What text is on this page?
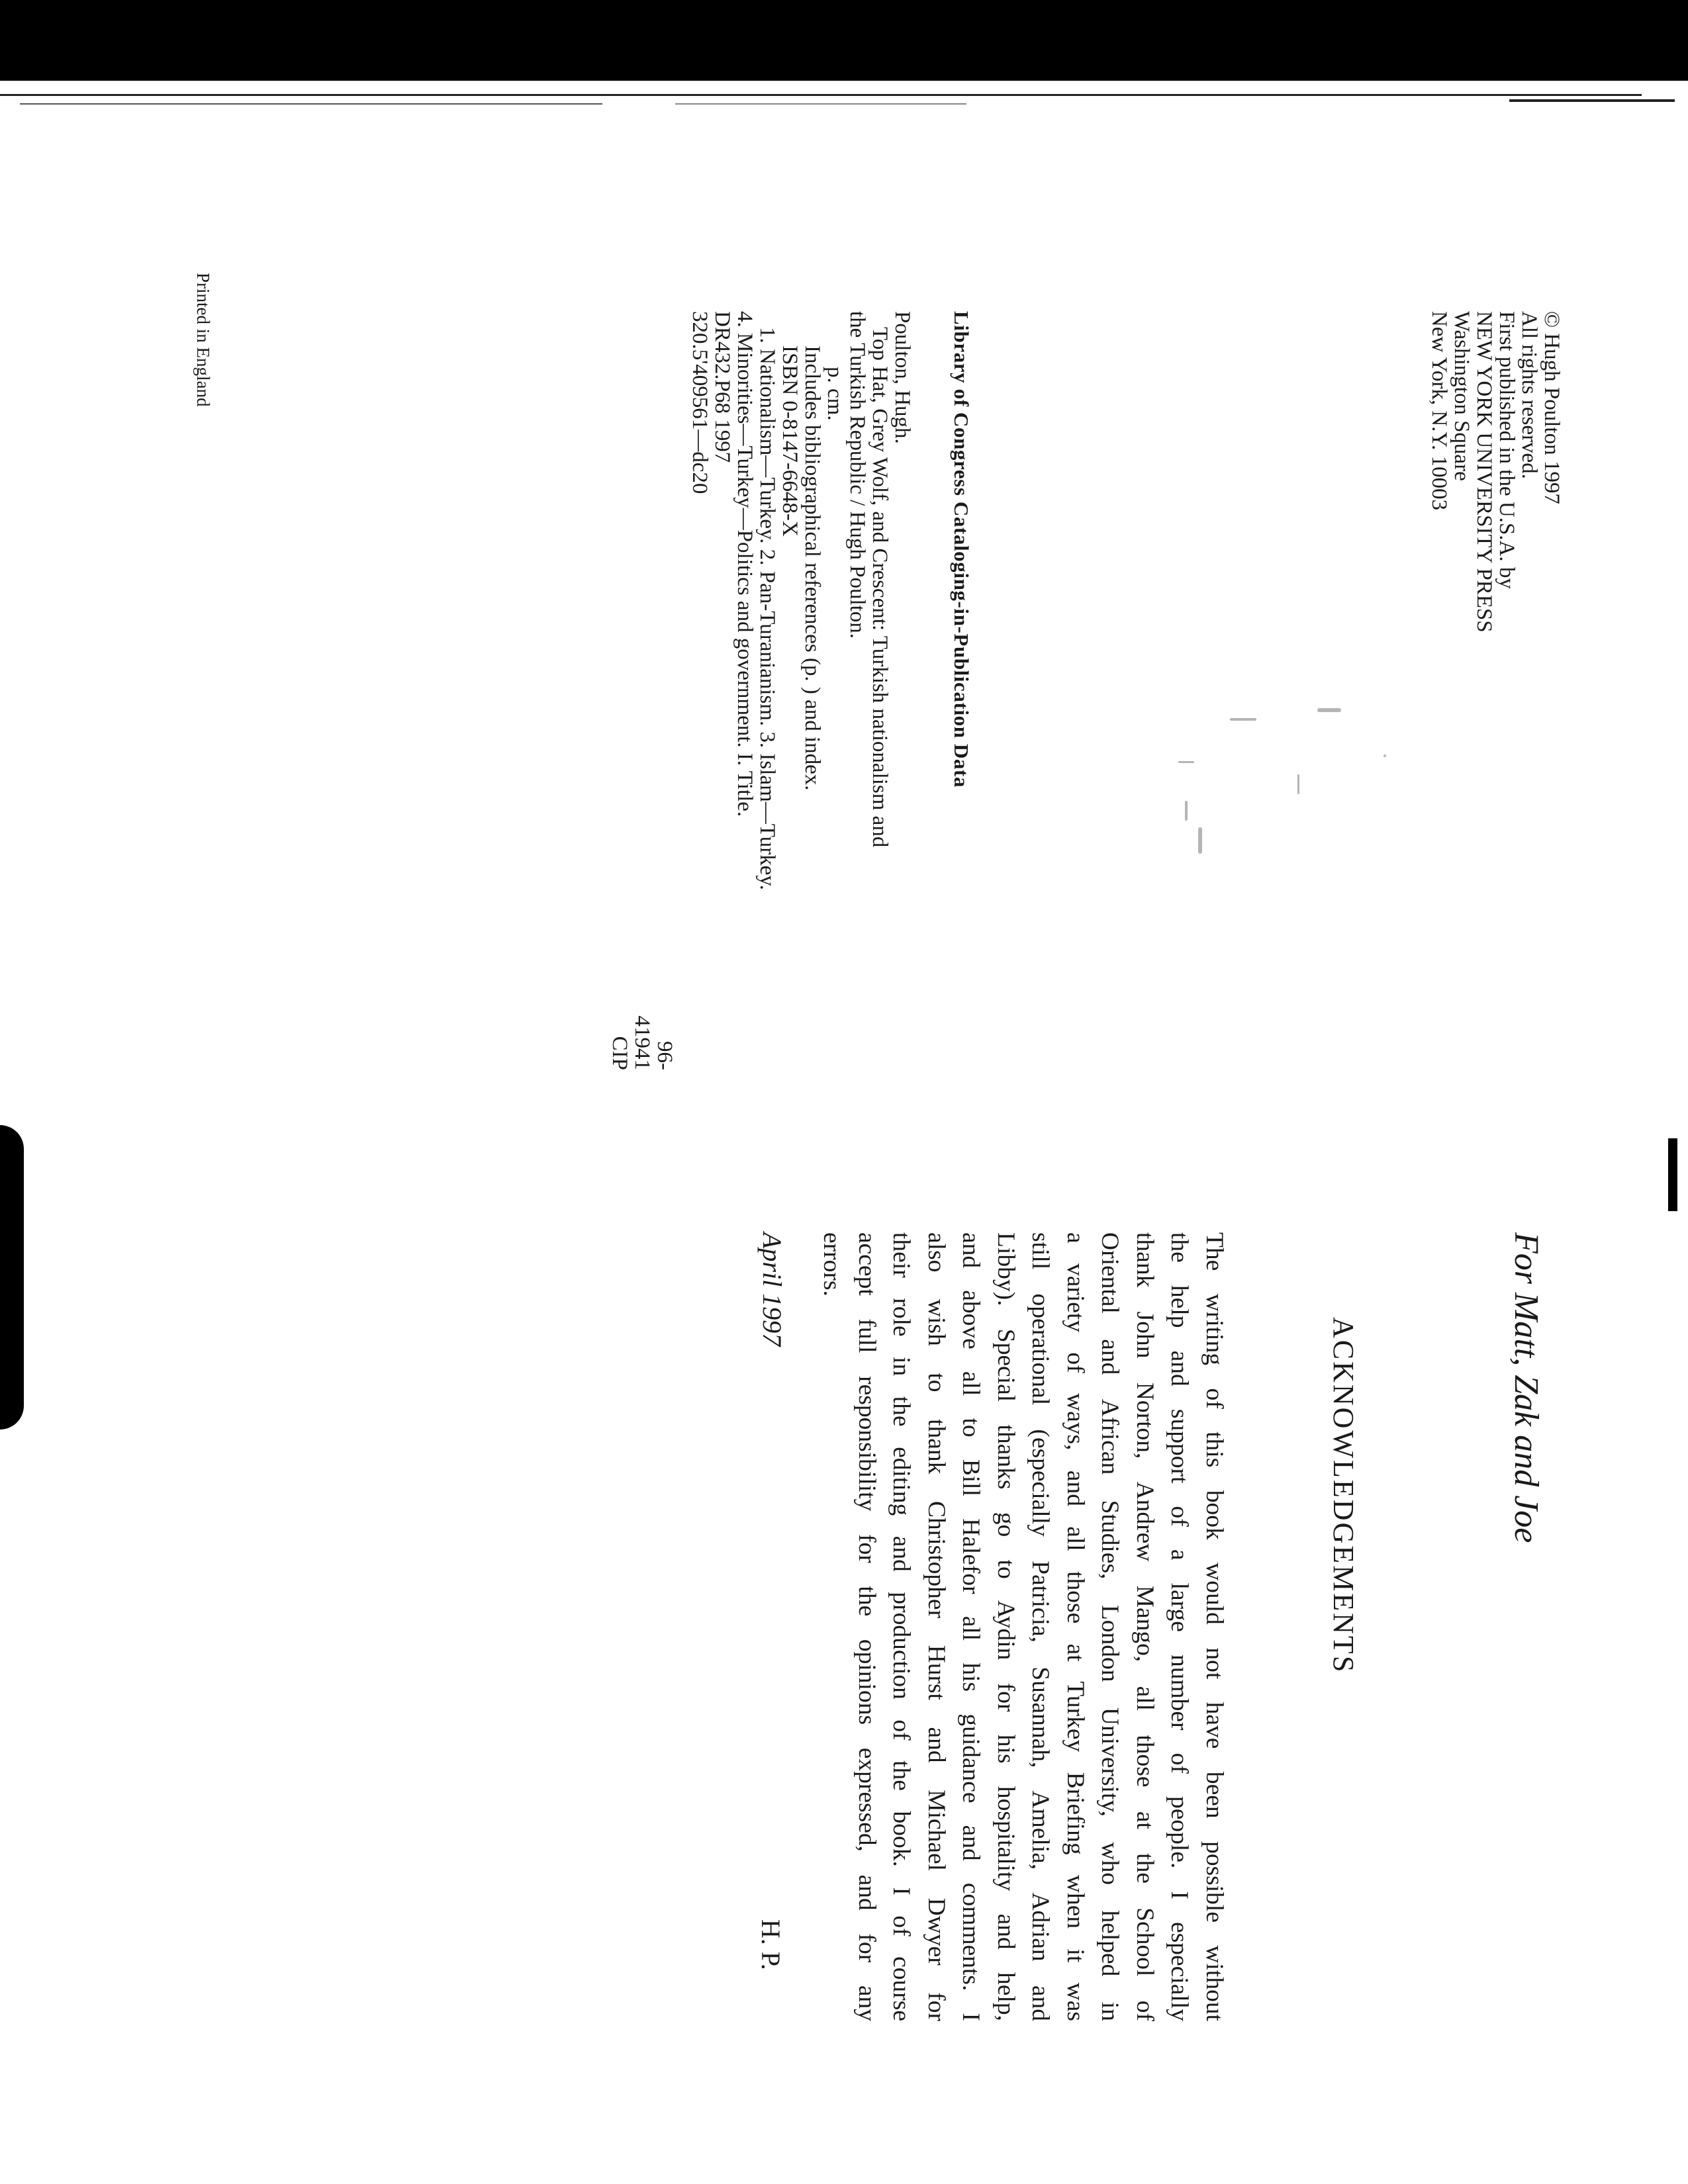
© Hugh Poulton 1997
All rights reserved.
First published in the U.S.A. by
NEW YORK UNIVERSITY PRESS
Washington Square
New York, N.Y. 10003
Library of Congress Cataloging-in-Publication Data
Poulton, Hugh.
Top Hat, Grey Wolf, and Crescent: Turkish nationalism and
the Turkish Republic / Hugh Poulton.
p. cm.
Includes bibliographical references (p. ) and index.
ISBN 0-8147-6648-X
1. Nationalism—Turkey. 2. Pan-Turanianism. 3. Islam—Turkey.
4. Minorities—Turkey—Politics and government. I. Title.
DR432.P68 1997
320.5'409561—dc20
96-41941
CIP
Printed in England
For Matt, Zak and Joe
ACKNOWLEDGEMENTS
The writing of this book would not have been possible without
the help and support of a large number of people. I especially
thank John Norton, Andrew Mango, all those at the School of
Oriental and African Studies, London University, who helped in
a variety of ways, and all those at Turkey Briefing when it was
still operational (especially Patricia, Susannah, Amelia, Adrian and
Libby). Special thanks go to Aydin for his hospitality and help,
and above all to Bill Halefor all his guidance and comments. I
also wish to thank Christopher Hurst and Michael Dwyer for
their role in the editing and production of the book. I of course
accept full responsibility for the opinions expressed, and for any
errors.
April 1997
H. P.
